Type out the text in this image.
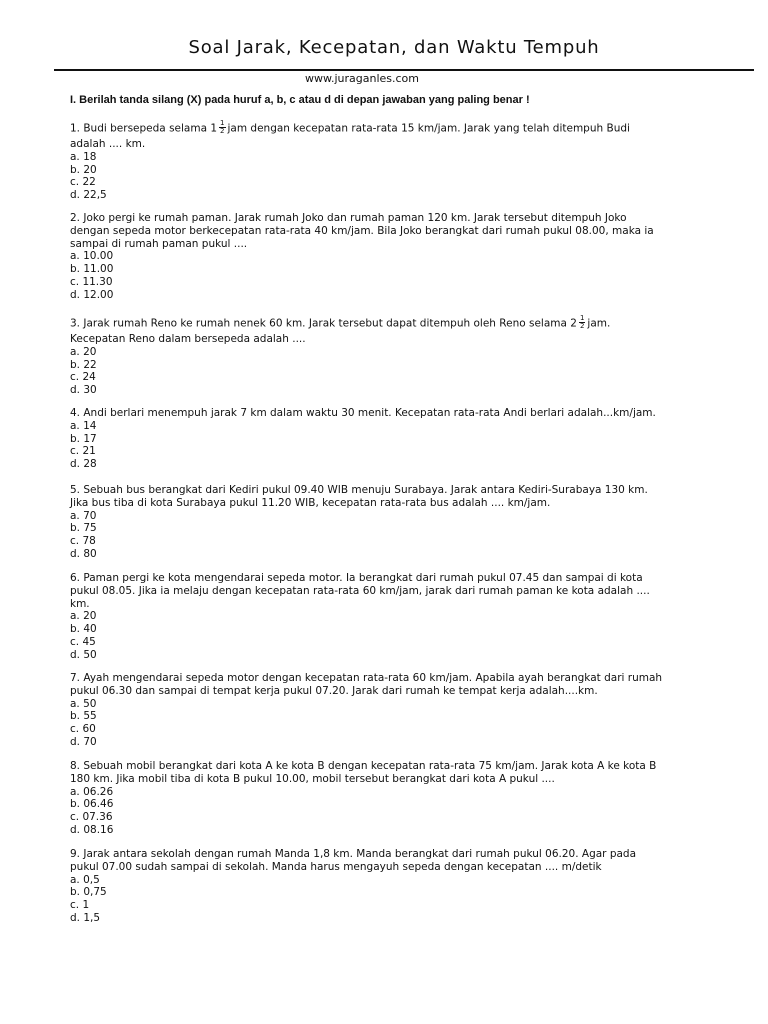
Soal Jarak, Kecepatan, dan Waktu Tempuh
www.juraganles.com
I. Berilah tanda silang (X) pada huruf a, b, c atau d di depan jawaban yang paling benar !
1. Budi bersepeda selama $1 \frac{1}{2}$ jam dengan kecepatan rata-rata 15 km/jam. Jarak yang telah ditempuh Budi
adalah .... km.
a. 18
b. 20
c. 22
d. 22,5
2. Joko pergi ke rumah paman. Jarak rumah Joko dan rumah paman 120 km. Jarak tersebut ditempuh Joko
dengan sepeda motor berkecepatan rata-rata 40 km/jam. Bila Joko berangkat dari rumah pukul 08.00, maka ia
sampai di rumah paman pukul ....
a. 10.00
b. 11.00
c. 11.30
d. 12.00
3. Jarak rumah Reno ke rumah nenek 60 km. Jarak tersebut dapat ditempuh oleh Reno selama $2 \frac{1}{2}$ jam.
Kecepatan Reno dalam bersepeda adalah ....
a. 20
b. 22
c. 24
d. 30
4. Andi berlari menempuh jarak 7 km dalam waktu 30 menit. Kecepatan rata-rata Andi berlari adalah...km/jam.
a. 14
b. 17
c. 21
d. 28
5. Sebuah bus berangkat dari Kediri pukul 09.40 WIB menuju Surabaya. Jarak antara Kediri-Surabaya 130 km.
Jika bus tiba di kota Surabaya pukul 11.20 WIB, kecepatan rata-rata bus adalah .... km/jam.
a. 70
b. 75
c. 78
d. 80
6. Paman pergi ke kota mengendarai sepeda motor. Ia berangkat dari rumah pukul 07.45 dan sampai di kota
pukul 08.05. Jika ia melaju dengan kecepatan rata-rata 60 km/jam, jarak dari rumah paman ke kota adalah ....
km.
a. 20
b. 40
c. 45
d. 50
7. Ayah mengendarai sepeda motor dengan kecepatan rata-rata 60 km/jam. Apabila ayah berangkat dari rumah
pukul 06.30 dan sampai di tempat kerja pukul 07.20. Jarak dari rumah ke tempat kerja adalah....km.
a. 50
b. 55
c. 60
d. 70
8. Sebuah mobil berangkat dari kota A ke kota B dengan kecepatan rata-rata 75 km/jam. Jarak kota A ke kota B
180 km. Jika mobil tiba di kota B pukul 10.00, mobil tersebut berangkat dari kota A pukul ....
a. 06.26
b. 06.46
c. 07.36
d. 08.16
9. Jarak antara sekolah dengan rumah Manda 1,8 km. Manda berangkat dari rumah pukul 06.20. Agar pada
pukul 07.00 sudah sampai di sekolah. Manda harus mengayuh sepeda dengan kecepatan .... m/detik
a. 0,5
b. 0,75
c. 1
d. 1,5
